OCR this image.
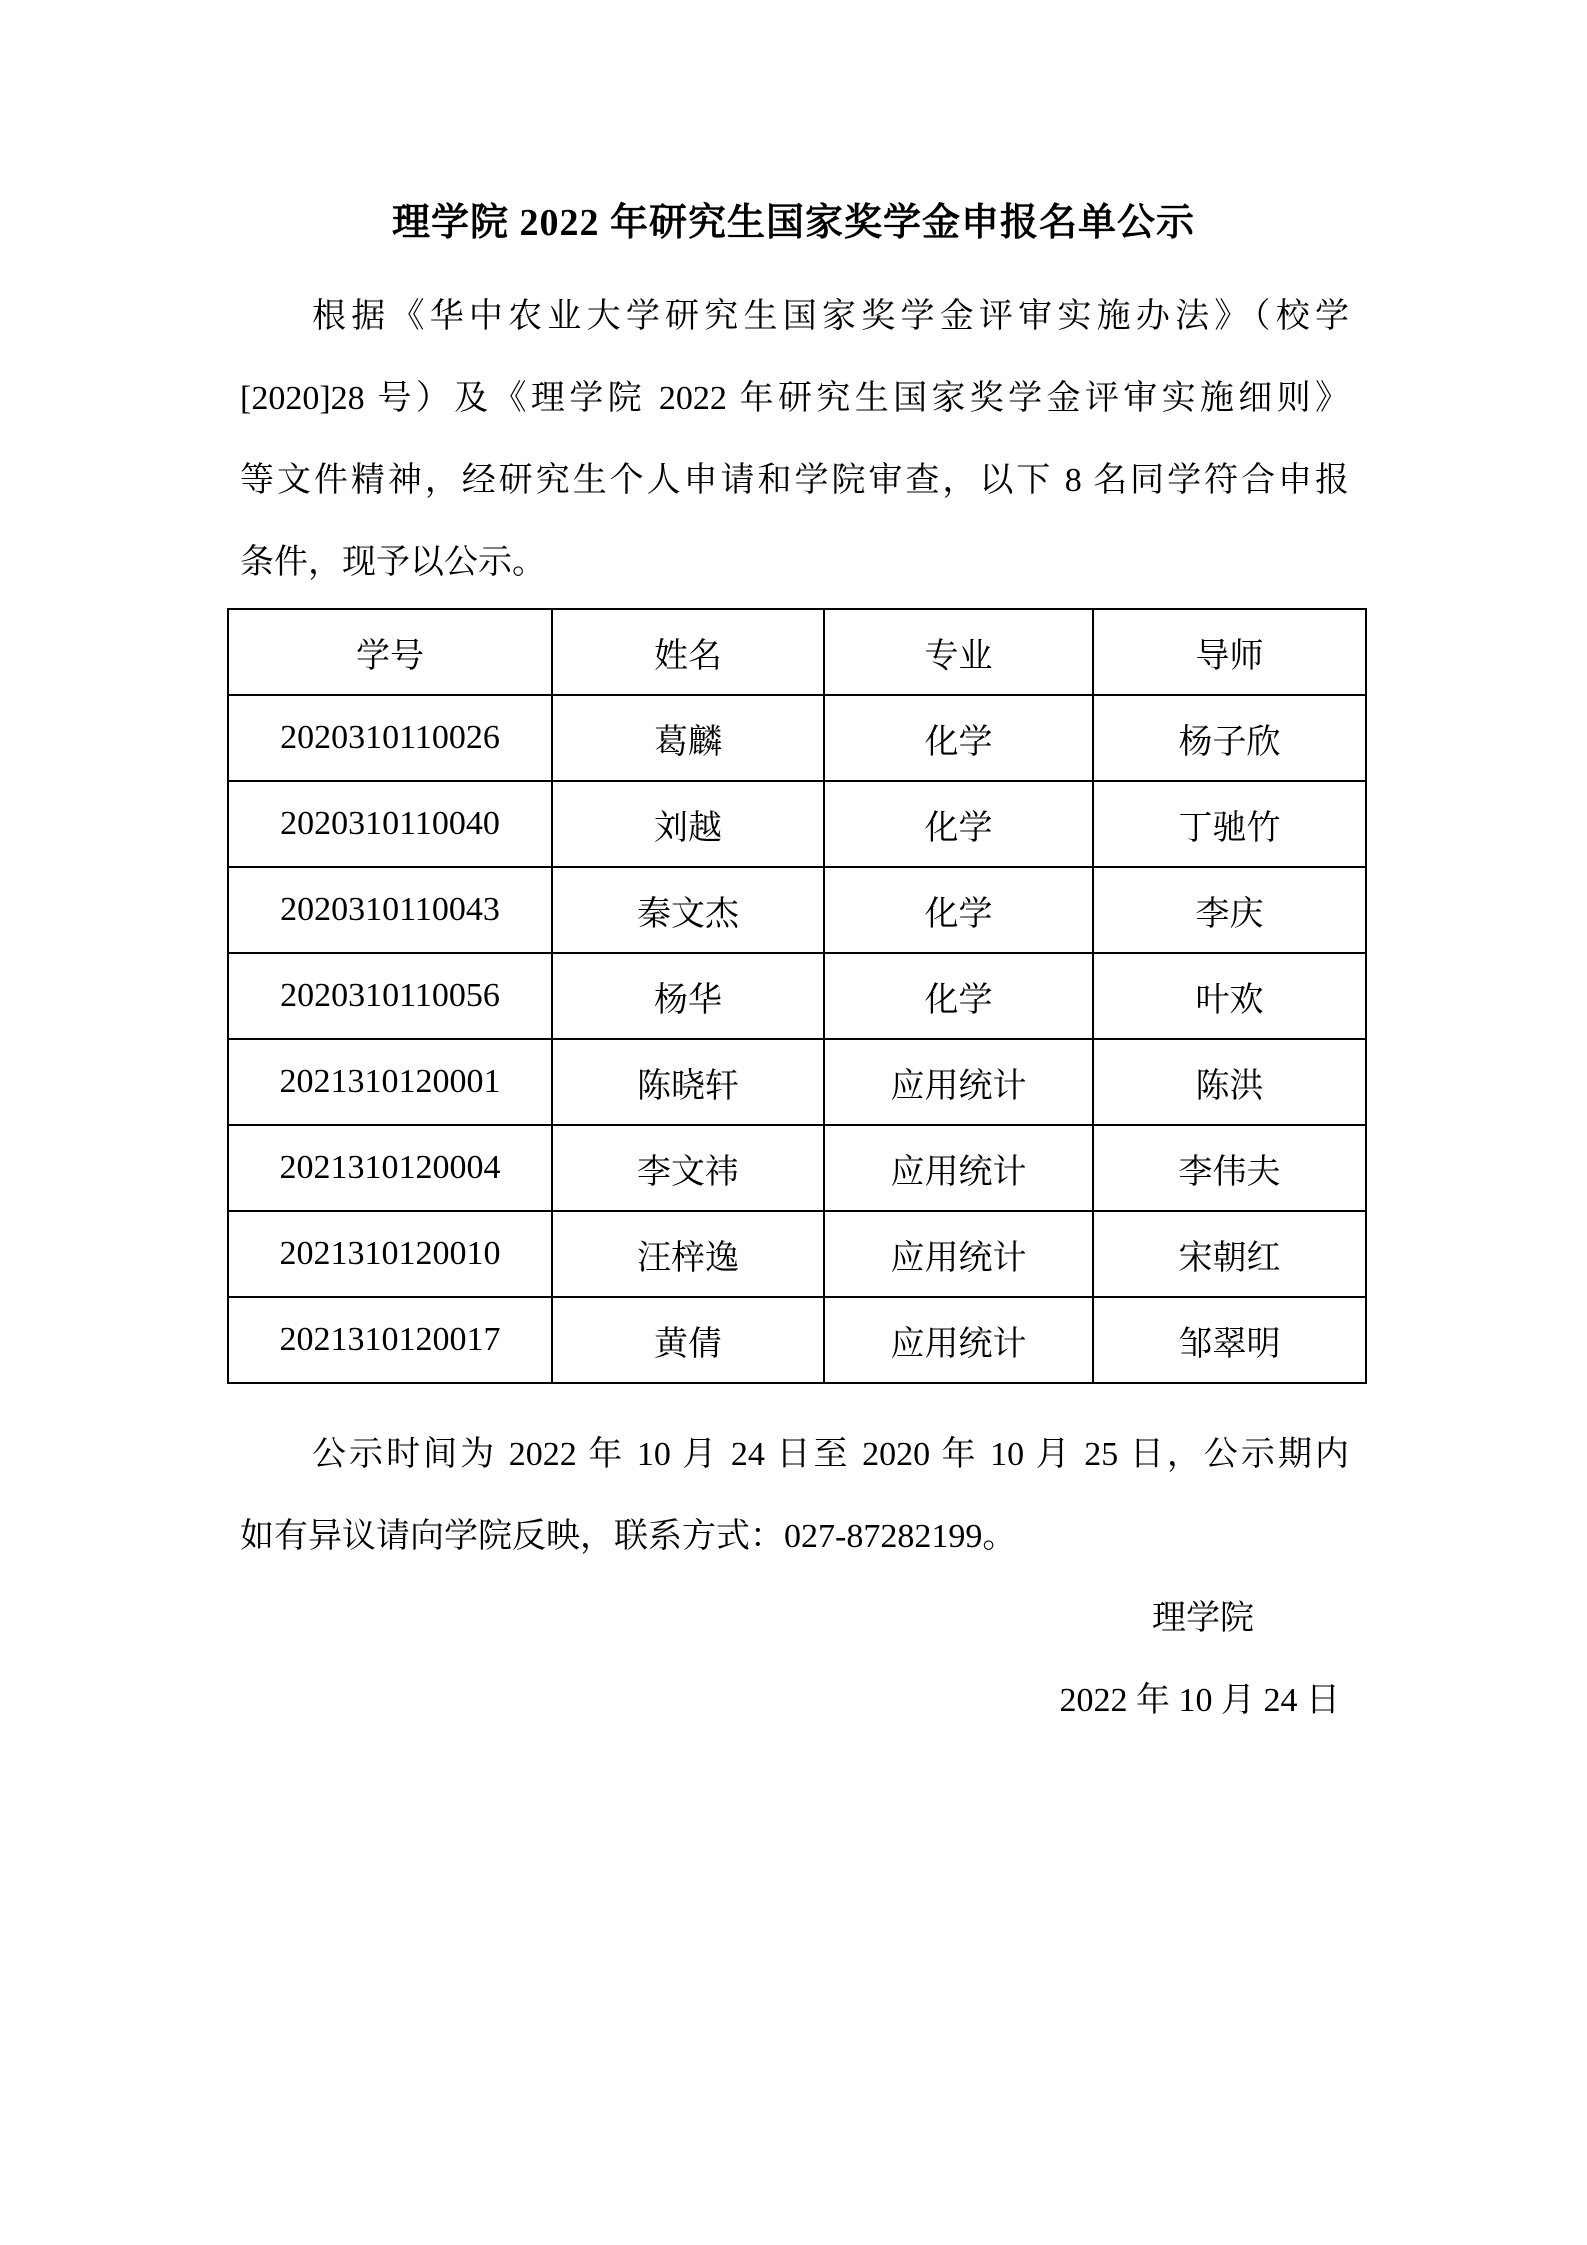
理学院 2022 年研究生国家奖学金申报名单公示
根据《华中农业大学研究生国家奖学金评审实施办法》（校学
[2020]28 号）及《理学院 2022 年研究生国家奖学金评审实施细则》
等文件精神，经研究生个人申请和学院审查，以下 8 名同学符合申报
条件，现予以公示。
学号	姓名	专业	导师
2020310110026	葛麟	化学	杨子欣
2020310110040	刘越	化学	丁驰竹
2020310110043	秦文杰	化学	李庆
2020310110056	杨华	化学	叶欢
2021310120001	陈晓轩	应用统计	陈洪
2021310120004	李文祎	应用统计	李伟夫
2021310120010	汪梓逸	应用统计	宋朝红
2021310120017	黄倩	应用统计	邹翠明
公示时间为 2022 年 10 月 24 日至 2020 年 10 月 25 日，公示期内
如有异议请向学院反映，联系方式：027-87282199。
理学院
2022 年 10 月 24 日
